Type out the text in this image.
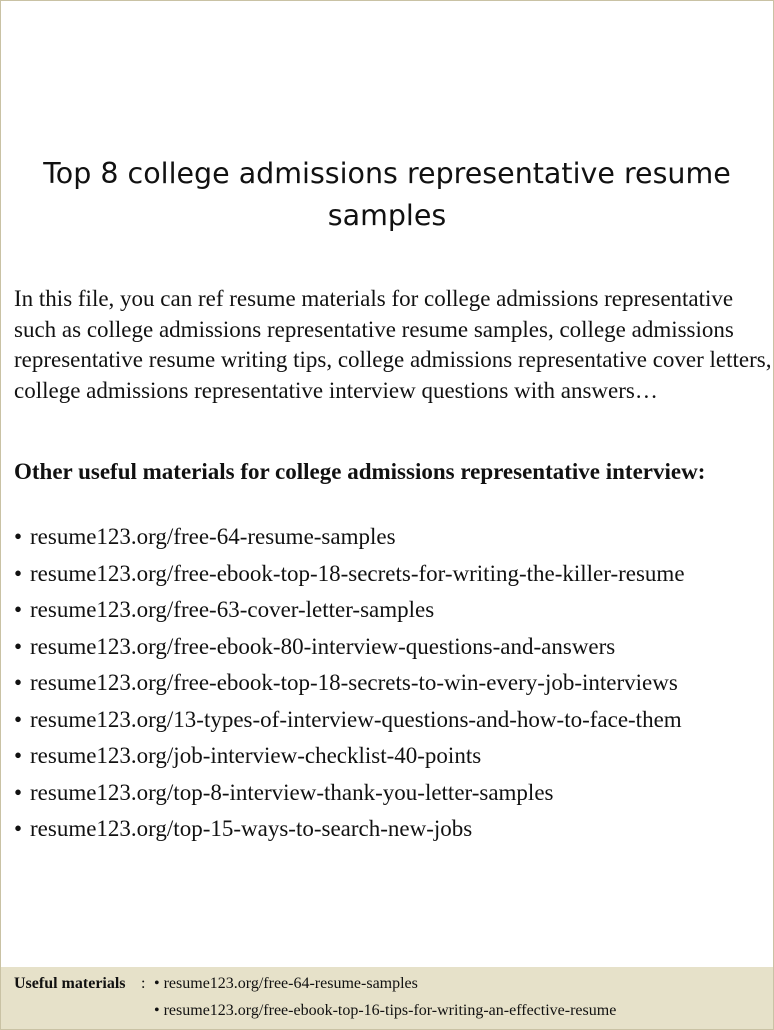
Top 8 college admissions representative resume samples

In this file, you can ref resume materials for college admissions representative such as college admissions representative resume samples, college admissions representative resume writing tips, college admissions representative cover letters, college admissions representative interview questions with answers…

Other useful materials for college admissions representative interview:
• resume123.org/free-64-resume-samples
• resume123.org/free-ebook-top-18-secrets-for-writing-the-killer-resume
• resume123.org/free-63-cover-letter-samples
• resume123.org/free-ebook-80-interview-questions-and-answers
• resume123.org/free-ebook-top-18-secrets-to-win-every-job-interviews
• resume123.org/13-types-of-interview-questions-and-how-to-face-them
• resume123.org/job-interview-checklist-40-points
• resume123.org/top-8-interview-thank-you-letter-samples
• resume123.org/top-15-ways-to-search-new-jobs
Useful materials : • resume123.org/free-64-resume-samples
• resume123.org/free-ebook-top-16-tips-for-writing-an-effective-resume
